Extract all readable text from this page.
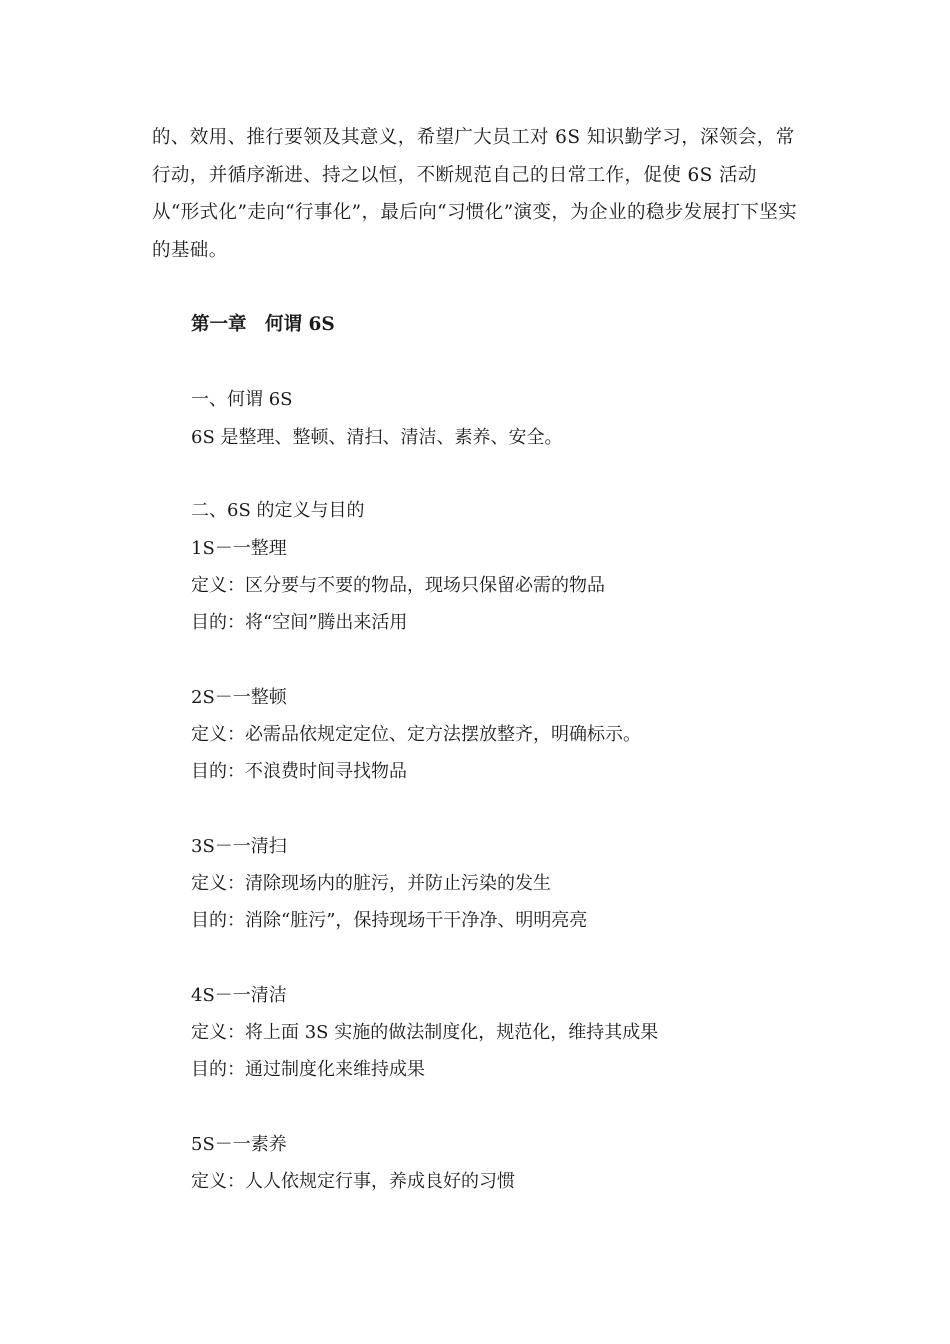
的、效用、推行要领及其意义，希望广大员工对 6S 知识勤学习，深领会，常行动，并循序渐进、持之以恒，不断规范自己的日常工作，促使 6S 活动从“形式化”走向“行事化”，最后向“习惯化”演变，为企业的稳步发展打下坚实的基础。

第一章　何谓 6S
一、何谓 6S
6S 是整理、整顿、清扫、清洁、素养、安全。
二、6S 的定义与目的
1S－一整理
定义：区分要与不要的物品，现场只保留必需的物品
目的：将“空间”腾出来活用
2S－一整顿
定义：必需品依规定定位、定方法摆放整齐，明确标示。
目的：不浪费时间寻找物品
3S－一清扫
定义：清除现场内的脏污，并防止污染的发生
目的：消除“脏污”，保持现场干干净净、明明亮亮
4S－一清洁
定义：将上面 3S 实施的做法制度化，规范化，维持其成果
目的：通过制度化来维持成果
5S－一素养
定义：人人依规定行事，养成良好的习惯
